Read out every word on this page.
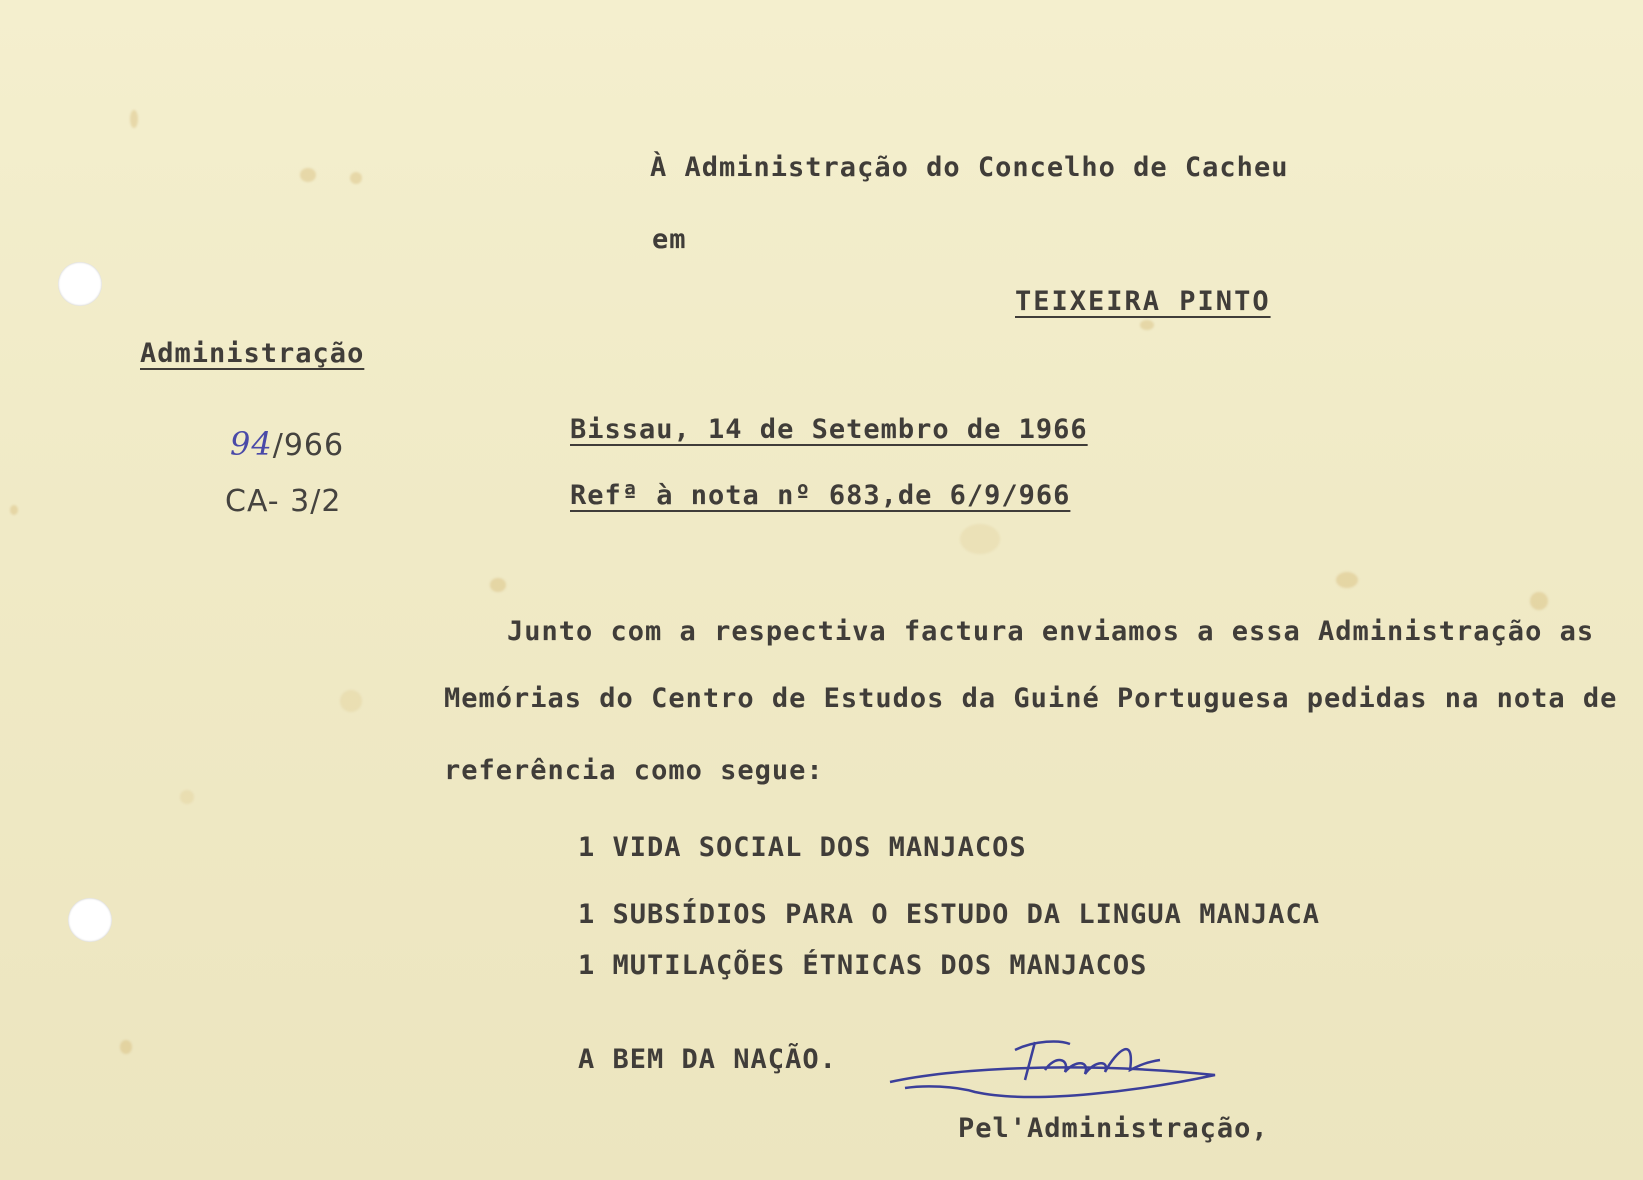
À Administração do Concelho de Cacheu
em
TEIXEIRA PINTO
Administração
94/966
CA- 3/2
Bissau, 14 de Setembro de 1966
Refª à nota nº 683,de 6/9/966
Junto com a respectiva factura enviamos a essa Administração as
Memórias do Centro de Estudos da Guiné Portuguesa pedidas na nota de
referência como segue:
1 VIDA SOCIAL DOS MANJACOS
1 SUBSÍDIOS PARA O ESTUDO DA LINGUA MANJACA
1 MUTILAÇÕES ÉTNICAS DOS MANJACOS
A BEM DA NAÇÃO.
Pel'Administração,
